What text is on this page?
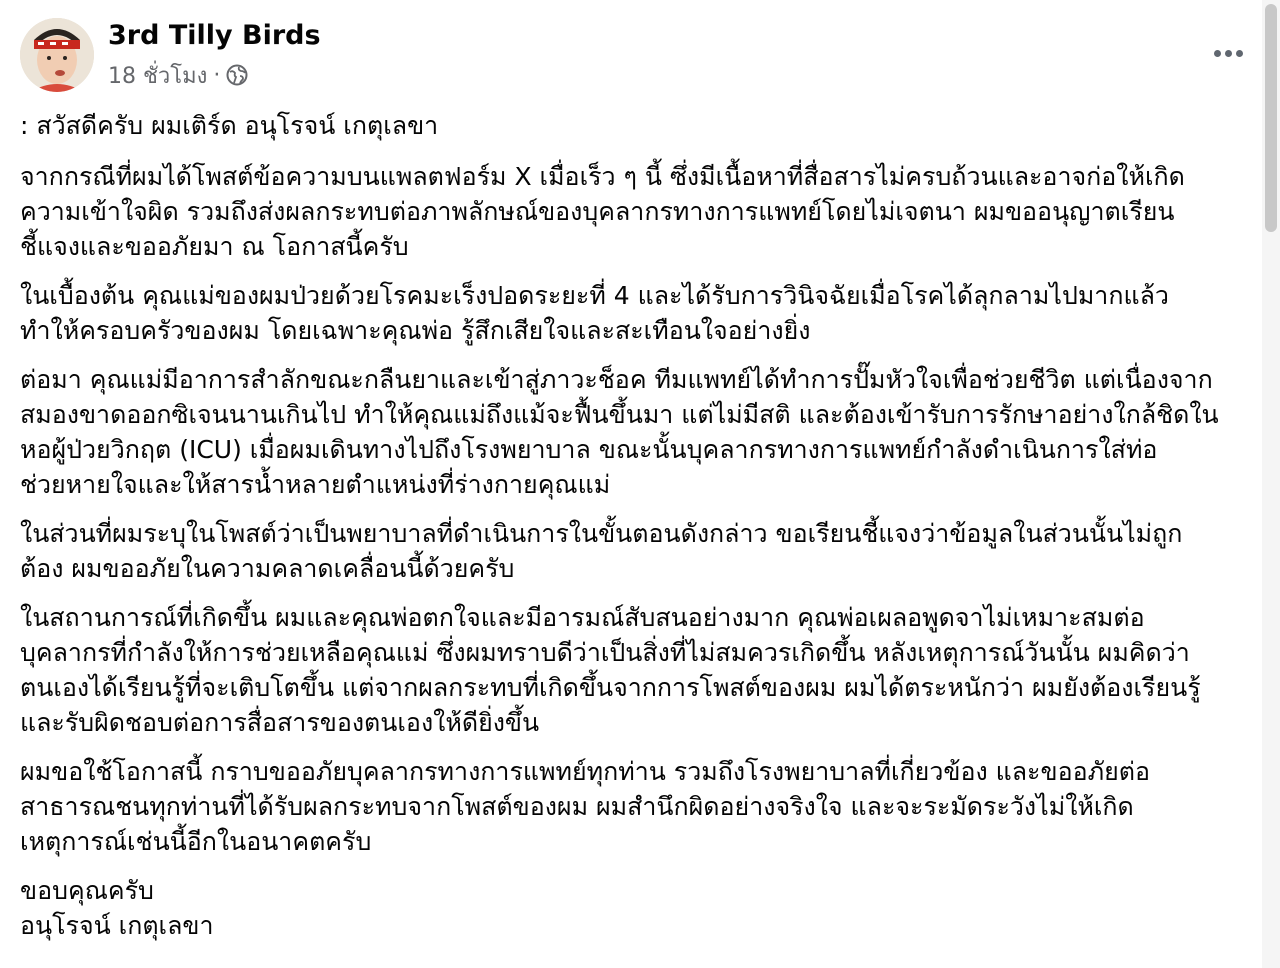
3rd Tilly Birds
18 ชั่วโมง ·
: สวัสดีครับ ผมเติร์ด อนุโรจน์ เกตุเลขา
จากกรณีที่ผมได้โพสต์ข้อความบนแพลตฟอร์ม X เมื่อเร็ว ๆ นี้ ซึ่งมีเนื้อหาที่สื่อสารไม่ครบถ้วนและอาจก่อให้เกิด
ความเข้าใจผิด รวมถึงส่งผลกระทบต่อภาพลักษณ์ของบุคลากรทางการแพทย์โดยไม่เจตนา ผมขออนุญาตเรียน
ชี้แจงและขออภัยมา ณ โอกาสนี้ครับ
ในเบื้องต้น คุณแม่ของผมป่วยด้วยโรคมะเร็งปอดระยะที่ 4 และได้รับการวินิจฉัยเมื่อโรคได้ลุกลามไปมากแล้ว
ทำให้ครอบครัวของผม โดยเฉพาะคุณพ่อ รู้สึกเสียใจและสะเทือนใจอย่างยิ่ง
ต่อมา คุณแม่มีอาการสำลักขณะกลืนยาและเข้าสู่ภาวะช็อค ทีมแพทย์ได้ทำการปั๊มหัวใจเพื่อช่วยชีวิต แต่เนื่องจาก
สมองขาดออกซิเจนนานเกินไป ทำให้คุณแม่ถึงแม้จะฟื้นขึ้นมา แต่ไม่มีสติ และต้องเข้ารับการรักษาอย่างใกล้ชิดใน
หอผู้ป่วยวิกฤต (ICU) เมื่อผมเดินทางไปถึงโรงพยาบาล ขณะนั้นบุคลากรทางการแพทย์กำลังดำเนินการใส่ท่อ
ช่วยหายใจและให้สารน้ำหลายตำแหน่งที่ร่างกายคุณแม่
ในส่วนที่ผมระบุในโพสต์ว่าเป็นพยาบาลที่ดำเนินการในขั้นตอนดังกล่าว ขอเรียนชี้แจงว่าข้อมูลในส่วนนั้นไม่ถูก
ต้อง ผมขออภัยในความคลาดเคลื่อนนี้ด้วยครับ
ในสถานการณ์ที่เกิดขึ้น ผมและคุณพ่อตกใจและมีอารมณ์สับสนอย่างมาก คุณพ่อเผลอพูดจาไม่เหมาะสมต่อ
บุคลากรที่กำลังให้การช่วยเหลือคุณแม่ ซึ่งผมทราบดีว่าเป็นสิ่งที่ไม่สมควรเกิดขึ้น หลังเหตุการณ์วันนั้น ผมคิดว่า
ตนเองได้เรียนรู้ที่จะเติบโตขึ้น แต่จากผลกระทบที่เกิดขึ้นจากการโพสต์ของผม ผมได้ตระหนักว่า ผมยังต้องเรียนรู้
และรับผิดชอบต่อการสื่อสารของตนเองให้ดียิ่งขึ้น
ผมขอใช้โอกาสนี้ กราบขออภัยบุคลากรทางการแพทย์ทุกท่าน รวมถึงโรงพยาบาลที่เกี่ยวข้อง และขออภัยต่อ
สาธารณชนทุกท่านที่ได้รับผลกระทบจากโพสต์ของผม ผมสำนึกผิดอย่างจริงใจ และจะระมัดระวังไม่ให้เกิด
เหตุการณ์เช่นนี้อีกในอนาคตครับ
ขอบคุณครับ
อนุโรจน์ เกตุเลขา
